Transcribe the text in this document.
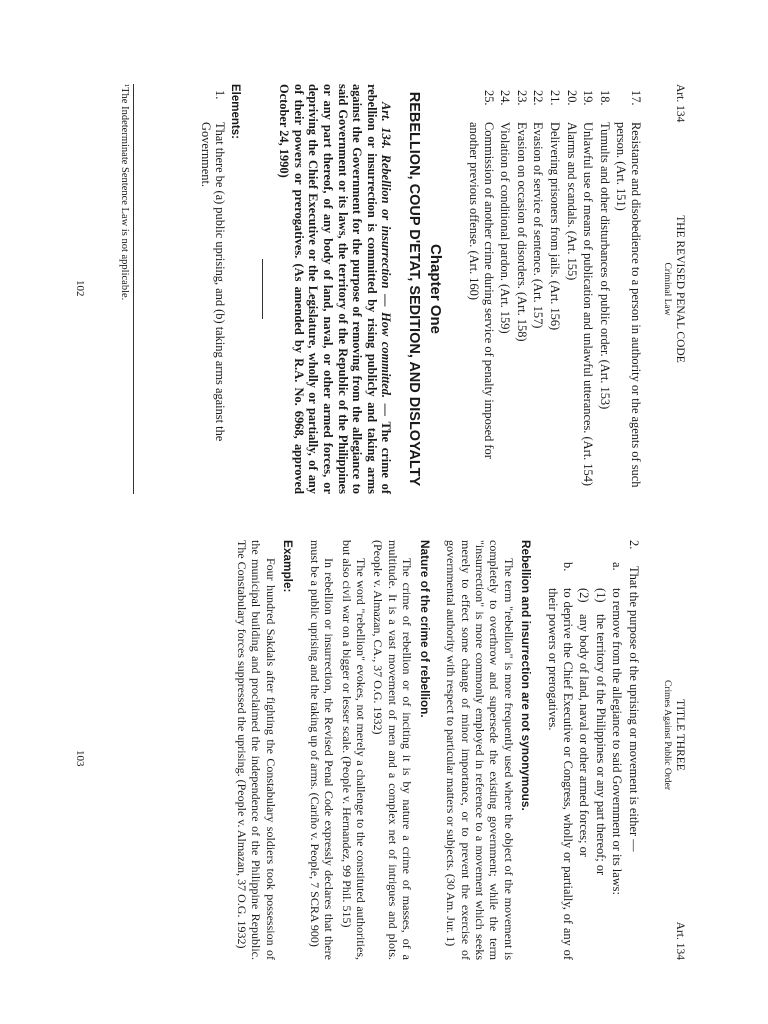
Art. 134
THE REVISED PENAL CODE
Criminal Law
17.
Resistance and disobedience to a person in authority or the agents of such person. (Art. 151)
18.
Tumults and other disturbances of public order. (Art. 153)
19.
Unlawful use of means of publication and unlawful utterances. (Art. 154)
20.
Alarms and scandals. (Art. 155)
21.
Delivering prisoners from jails. (Art. 156)
22.
Evasion of service of sentence. (Art. 157)
23.
Evasion on occasion of disorders. (Art. 158)
24.
Violation of conditional pardon. (Art. 159)
25.
Commission of another crime during service of penalty imposed for another previous offense. (Art. 160)
Chapter One
REBELLION, COUP D'ETAT, SEDITION, AND DISLOYALTY
Art. 134. Rebellion or insurrection — How committed. — The crime of rebellion or insurrection is committed by rising publicly and taking arms against the Government for the purpose of removing from the allegiance to said Government or its laws, the territory of the Republic of the Philippines or any part thereof, of any body of land, naval, or other armed forces, or depriving the Chief Executive or the Legislature, wholly or partially, of any of their powers or prerogatives. (As amended by R.A. No. 6968, approved October 24, 1990)
Elements:
1.
That there be (a) public uprising, and (b) taking arms against the Government.
¹The Indeterminate Sentence Law is not applicable.
102
TITLE THREE
Crimes Against Public Order
Art. 134
2.
That the purpose of the uprising or movement is either —
a.
to remove from the allegiance to said Government or its laws:
(1)
the territory of the Philippines or any part thereof; or
(2)
any body of land, naval or other armed forces; or
b.
to deprive the Chief Executive or Congress, wholly or partially, of any of their powers or prerogatives.
Rebellion and insurrection are not synonymous.
The term "rebellion" is more frequently used where the object of the movement is completely to overthrow and supersede the existing government; while the term "insurrection" is more commonly employed in reference to a movement which seeks merely to effect some change of minor importance, or to prevent the exercise of governmental authority with respect to particular matters or subjects. (30 Am. Jur. 1)
Nature of the crime of rebellion.
The crime of rebellion or of inciting it is by nature a crime of masses, of a multitude. It is a vast movement of men and a complex net of intrigues and plots. (People v. Almazan, CA., 37 O.G. 1932)
The word "rebellion" evokes, not merely a challenge to the constituted authorities, but also civil war on a bigger or lesser scale. (People v. Hernandez, 99 Phil. 515)
In rebellion or insurrection, the Revised Penal Code expressly declares that there must be a public uprising and the taking up of arms. (Cariño v. People, 7 SCRA 900)
Example:
Four hundred Sakdals after fighting the Constabulary soldiers took possession of the municipal building and proclaimed the independence of the Philippine Republic. The Constabulary forces suppressed the uprising. (People v. Almazan, 37 O.G. 1932)
103
